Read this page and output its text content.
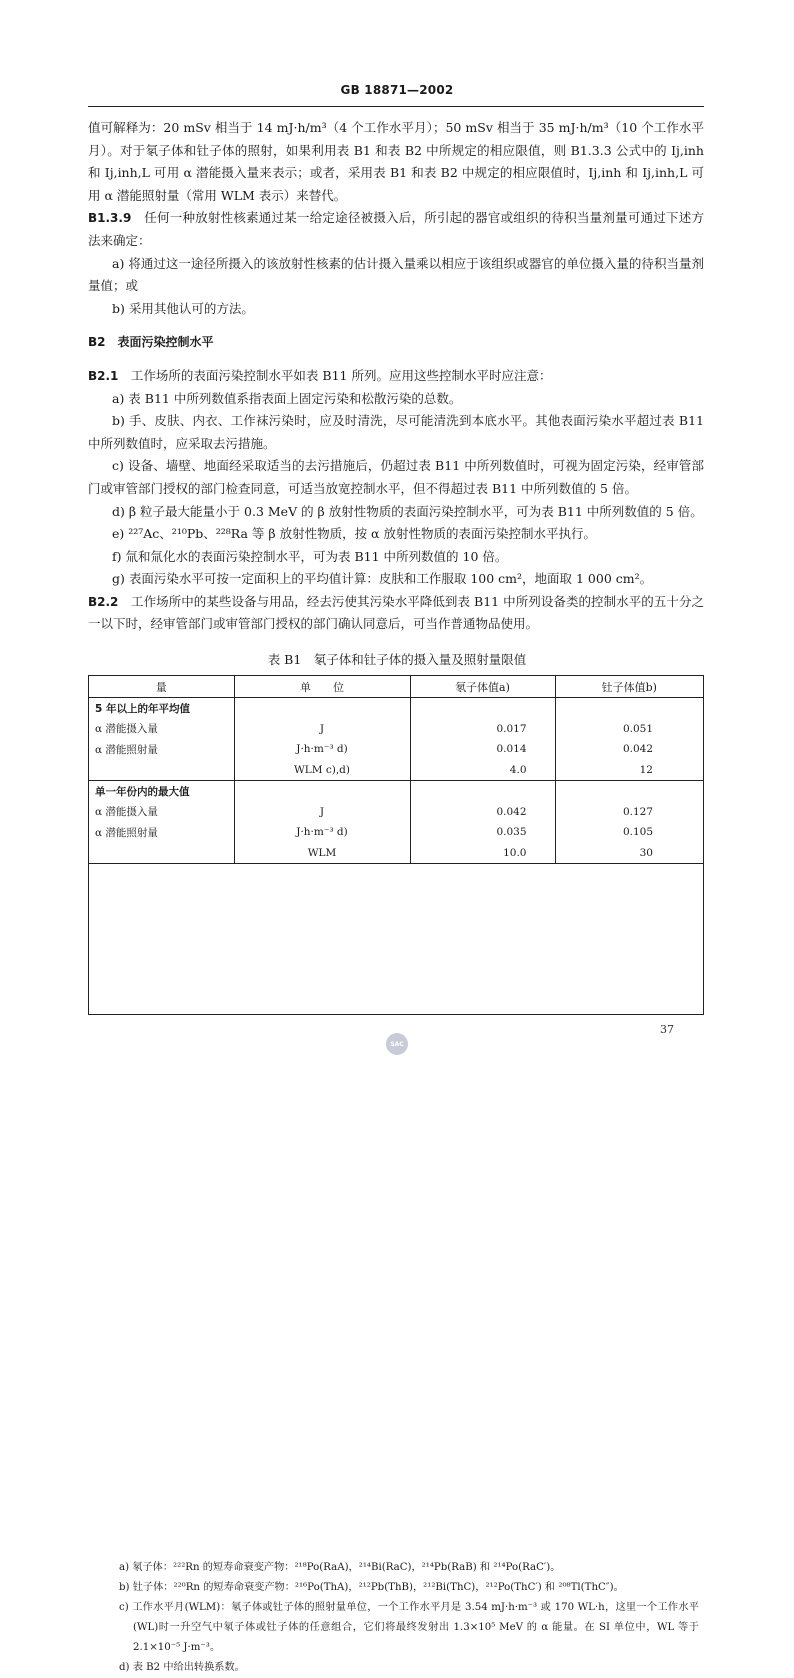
GB 18871—2002

值可解释为：20 mSv 相当于 14 mJ·h/m³（4 个工作水平月）；50 mSv 相当于 35 mJ·h/m³（10 个工作水平月）。对于氡子体和钍子体的照射，如果利用表 B1 和表 B2 中所规定的相应限值，则 B1.3.3 公式中的 Ij,inh 和 Ij,inh,L 可用 α 潜能摄入量来表示；或者，采用表 B1 和表 B2 中规定的相应限值时，Ij,inh 和 Ij,inh,L 可用 α 潜能照射量（常用 WLM 表示）来替代。

B1.3.9　 任何一种放射性核素通过某一给定途径被摄入后，所引起的器官或组织的待积当量剂量可通过下述方法来确定：

a) 将通过这一途径所摄入的该放射性核素的估计摄入量乘以相应于该组织或器官的单位摄入量的待积当量剂量值；或

b) 采用其他认可的方法。

B2　表面污染控制水平

B2.1　 工作场所的表面污染控制水平如表 B11 所列。应用这些控制水平时应注意：

a) 表 B11 中所列数值系指表面上固定污染和松散污染的总数。

b) 手、皮肤、内衣、工作袜污染时，应及时清洗，尽可能清洗到本底水平。其他表面污染水平超过表 B11 中所列数值时，应采取去污措施。

c) 设备、墙壁、地面经采取适当的去污措施后，仍超过表 B11 中所列数值时，可视为固定污染，经审管部门或审管部门授权的部门检查同意，可适当放宽控制水平，但不得超过表 B11 中所列数值的 5 倍。

d) β 粒子最大能量小于 0.3 MeV 的 β 放射性物质的表面污染控制水平，可为表 B11 中所列数值的 5 倍。

e) ²²⁷Ac、²¹⁰Pb、²²⁸Ra 等 β 放射性物质，按 α 放射性物质的表面污染控制水平执行。

f) 氚和氚化水的表面污染控制水平，可为表 B11 中所列数值的 10 倍。

g) 表面污染水平可按一定面积上的平均值计算：皮肤和工作服取 100 cm²，地面取 1 000 cm²。

B2.2　 工作场所中的某些设备与用品，经去污使其污染水平降低到表 B11 中所列设备类的控制水平的五十分之一以下时，经审管部门或审管部门授权的部门确认同意后，可当作普通物品使用。

表 B1　氡子体和钍子体的摄入量及照射量限值
量	单　　位	氡子体值a)	钍子体值b)
5 年以上的年平均值			
α 潜能摄入量	J	0.017	0.051
α 潜能照射量	J·h·m⁻³ d)	0.014	0.042
	WLM c),d)	4.0	12
单一年份内的最大值			
α 潜能摄入量	J	0.042	0.127
α 潜能照射量	J·h·m⁻³ d)	0.035	0.105
	WLM	10.0	30

a) 氡子体：²²²Rn 的短寿命衰变产物：²¹⁸Po(RaA)，²¹⁴Bi(RaC)，²¹⁴Pb(RaB) 和 ²¹⁴Po(RaC′)。

b) 钍子体：²²⁰Rn 的短寿命衰变产物：²¹⁶Po(ThA)，²¹²Pb(ThB)，²¹²Bi(ThC)，²¹²Po(ThC′) 和 ²⁰⁸Tl(ThC″)。

c) 工作水平月(WLM)：氡子体或钍子体的照射量单位，一个工作水平月是 3.54 mJ·h·m⁻³ 或 170 WL·h，这里一个工作水平(WL)时一升空气中氡子体或钍子体的任意组合，它们将最终发射出 1.3×10⁵ MeV 的 α 能量。在 SI 单位中，WL 等于 2.1×10⁻⁵ J·m⁻³。

d) 表 B2 中给出转换系数。

37
SAC
